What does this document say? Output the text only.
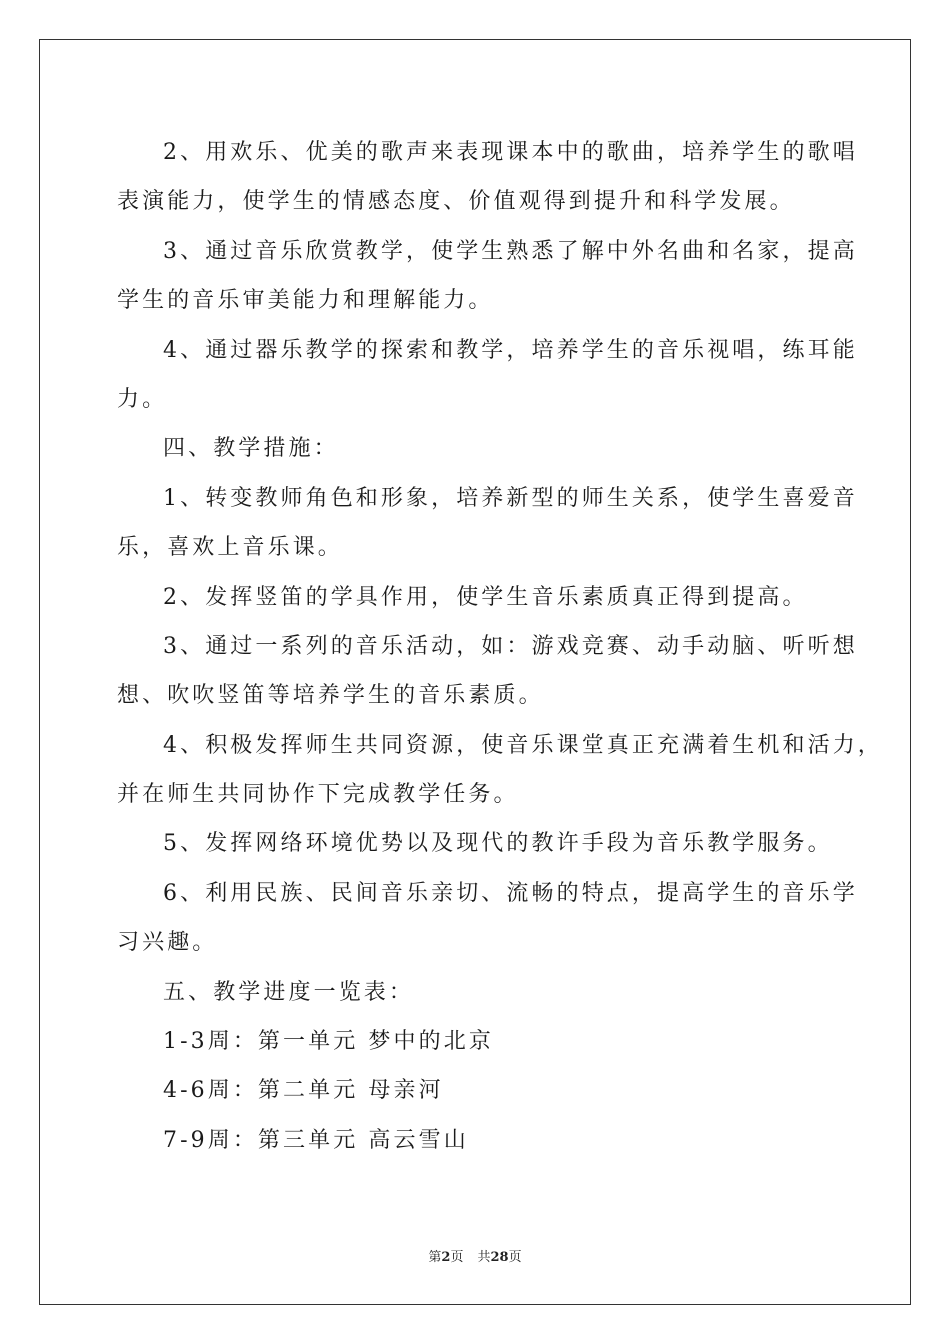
2、用欢乐、优美的歌声来表现课本中的歌曲，培养学生的歌唱
表演能力，使学生的情感态度、价值观得到提升和科学发展。
3、通过音乐欣赏教学，使学生熟悉了解中外名曲和名家，提高
学生的音乐审美能力和理解能力。
4、通过器乐教学的探索和教学，培养学生的音乐视唱，练耳能
力。
四、教学措施：
1、转变教师角色和形象，培养新型的师生关系，使学生喜爱音
乐，喜欢上音乐课。
2、发挥竖笛的学具作用，使学生音乐素质真正得到提高。
3、通过一系列的音乐活动，如：游戏竞赛、动手动脑、听听想
想、吹吹竖笛等培养学生的音乐素质。
4、积极发挥师生共同资源，使音乐课堂真正充满着生机和活力，
并在师生共同协作下完成教学任务。
5、发挥网络环境优势以及现代的教许手段为音乐教学服务。
6、利用民族、民间音乐亲切、流畅的特点，提高学生的音乐学
习兴趣。
五、教学进度一览表：
1-3周：第一单元 梦中的北京
4-6周：第二单元 母亲河
7-9周：第三单元 高云雪山
第2页 共28页
